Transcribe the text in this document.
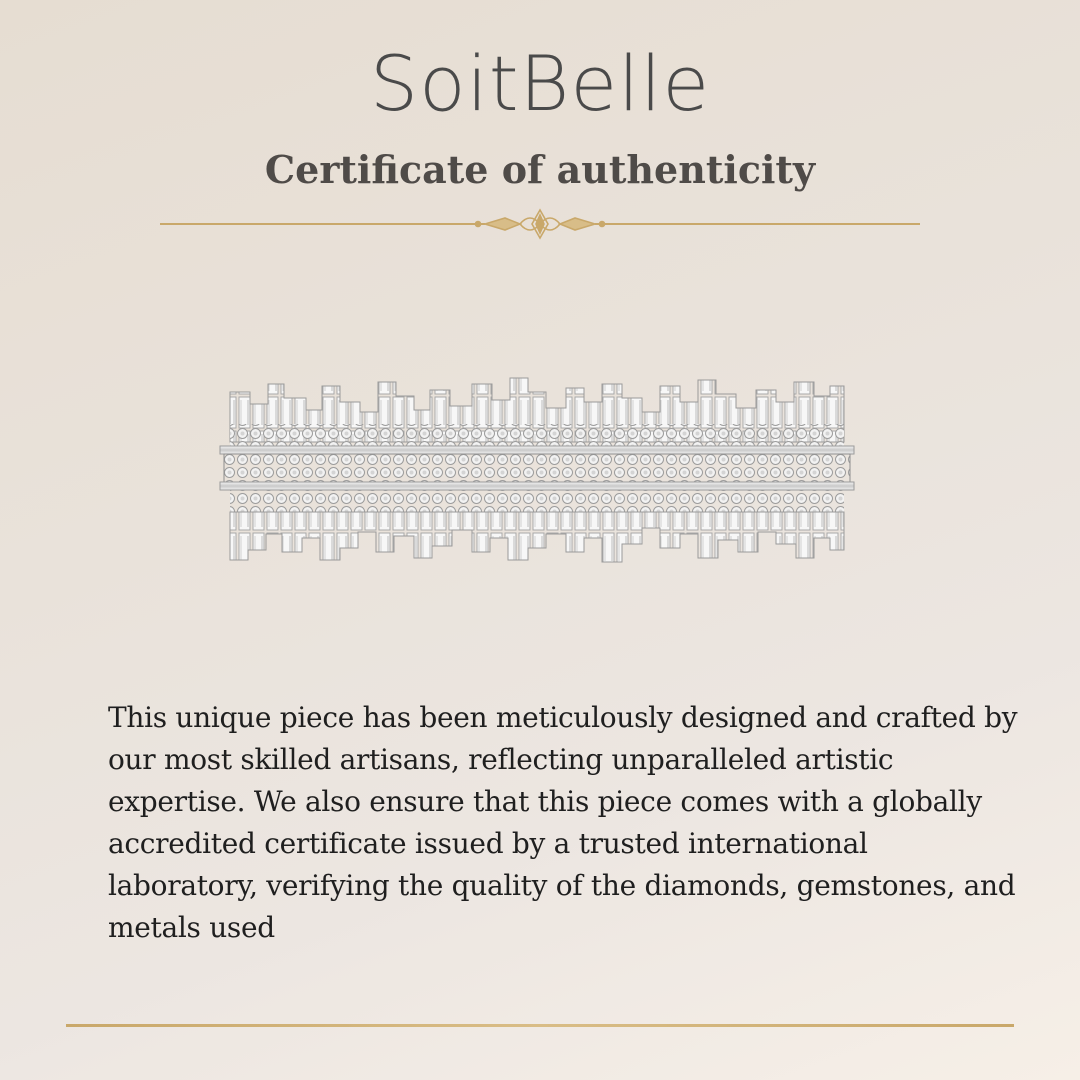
SoitBelle
Certificate of authenticity
This unique piece has been meticulously designed and crafted by our most skilled artisans, reflecting unparalleled artistic expertise. We also ensure that this piece comes with a globally accredited certificate issued by a trusted international laboratory, verifying the quality of the diamonds, gemstones, and metals used
